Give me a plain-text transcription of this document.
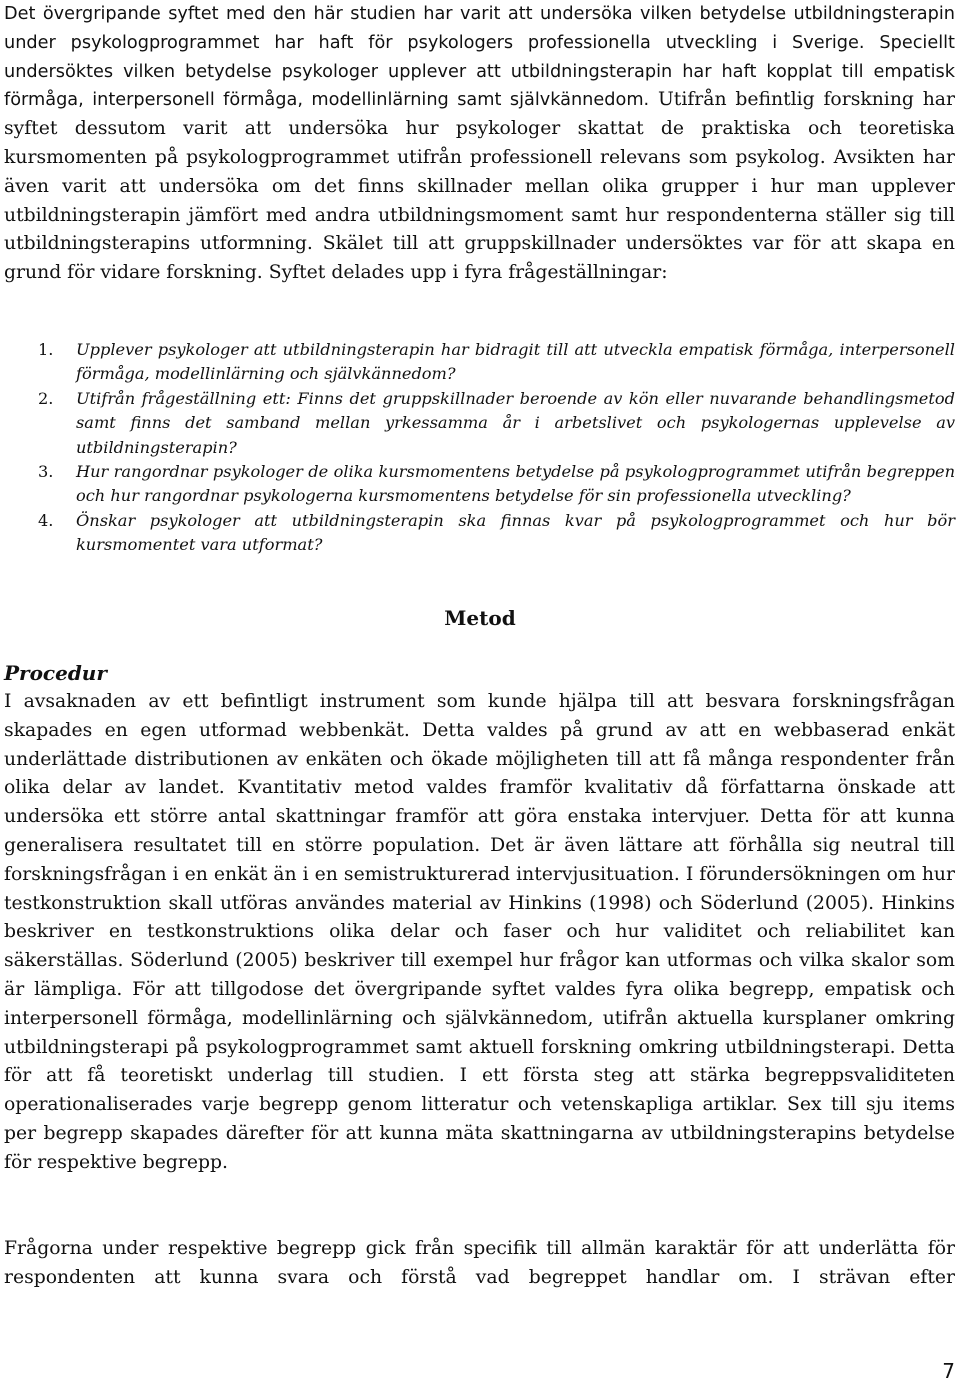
Det övergripande syftet med den här studien har varit att undersöka vilken betydelse utbildningsterapin under psykologprogrammet har haft för psykologers professionella utveckling i Sverige. Speciellt undersöktes vilken betydelse psykologer upplever att utbildningsterapin har haft kopplat till empatisk förmåga, interpersonell förmåga, modellinlärning samt självkännedom. Utifrån befintlig forskning har syftet dessutom varit att undersöka hur psykologer skattat de praktiska och teoretiska kursmomenten på psykologprogrammet utifrån professionell relevans som psykolog. Avsikten har även varit att undersöka om det finns skillnader mellan olika grupper i hur man upplever utbildningsterapin jämfört med andra utbildningsmoment samt hur respondenterna ställer sig till utbildningsterapins utformning. Skälet till att gruppskillnader undersöktes var för att skapa en grund för vidare forskning. Syftet delades upp i fyra frågeställningar:

1.	Upplever psykologer att utbildningsterapin har bidragit till att utveckla empatisk förmåga, interpersonell förmåga, modellinlärning och självkännedom?
2.	Utifrån frågeställning ett: Finns det gruppskillnader beroende av kön eller nuvarande behandlingsmetod samt finns det samband mellan yrkessamma år i arbetslivet och psykologernas upplevelse av utbildningsterapin?
3.	Hur rangordnar psykologer de olika kursmomentens betydelse på psykologprogrammet utifrån begreppen och hur rangordnar psykologerna kursmomentens betydelse för sin professionella utveckling?
4.	Önskar psykologer att utbildningsterapin ska finnas kvar på psykologprogrammet och hur bör kursmomentet vara utformat?
Metod
Procedur

I avsaknaden av ett befintligt instrument som kunde hjälpa till att besvara forskningsfrågan skapades en egen utformad webbenkät. Detta valdes på grund av att en webbaserad enkät underlättade distributionen av enkäten och ökade möjligheten till att få många respondenter från olika delar av landet. Kvantitativ metod valdes framför kvalitativ då författarna önskade att undersöka ett större antal skattningar framför att göra enstaka intervjuer. Detta för att kunna generalisera resultatet till en större population. Det är även lättare att förhålla sig neutral till forskningsfrågan i en enkät än i en semistrukturerad intervjusituation. I förundersökningen om hur testkonstruktion skall utföras användes material av Hinkins (1998) och Söderlund (2005). Hinkins beskriver en testkonstruktions olika delar och faser och hur validitet och reliabilitet kan säkerställas. Söderlund (2005) beskriver till exempel hur frågor kan utformas och vilka skalor som är lämpliga. För att tillgodose det övergripande syftet valdes fyra olika begrepp, empatisk och interpersonell förmåga, modellinlärning och självkännedom, utifrån aktuella kursplaner omkring utbildningsterapi på psykologprogrammet samt aktuell forskning omkring utbildningsterapi. Detta för att få teoretiskt underlag till studien. I ett första steg att stärka begreppsvaliditeten operationaliserades varje begrepp genom litteratur och vetenskapliga artiklar. Sex till sju items per begrepp skapades därefter för att kunna mäta skattningarna av utbildningsterapins betydelse för respektive begrepp.

Frågorna under respektive begrepp gick från specifik till allmän karaktär för att underlätta för respondenten att kunna svara och förstå vad begreppet handlar om. I strävan efter

7
